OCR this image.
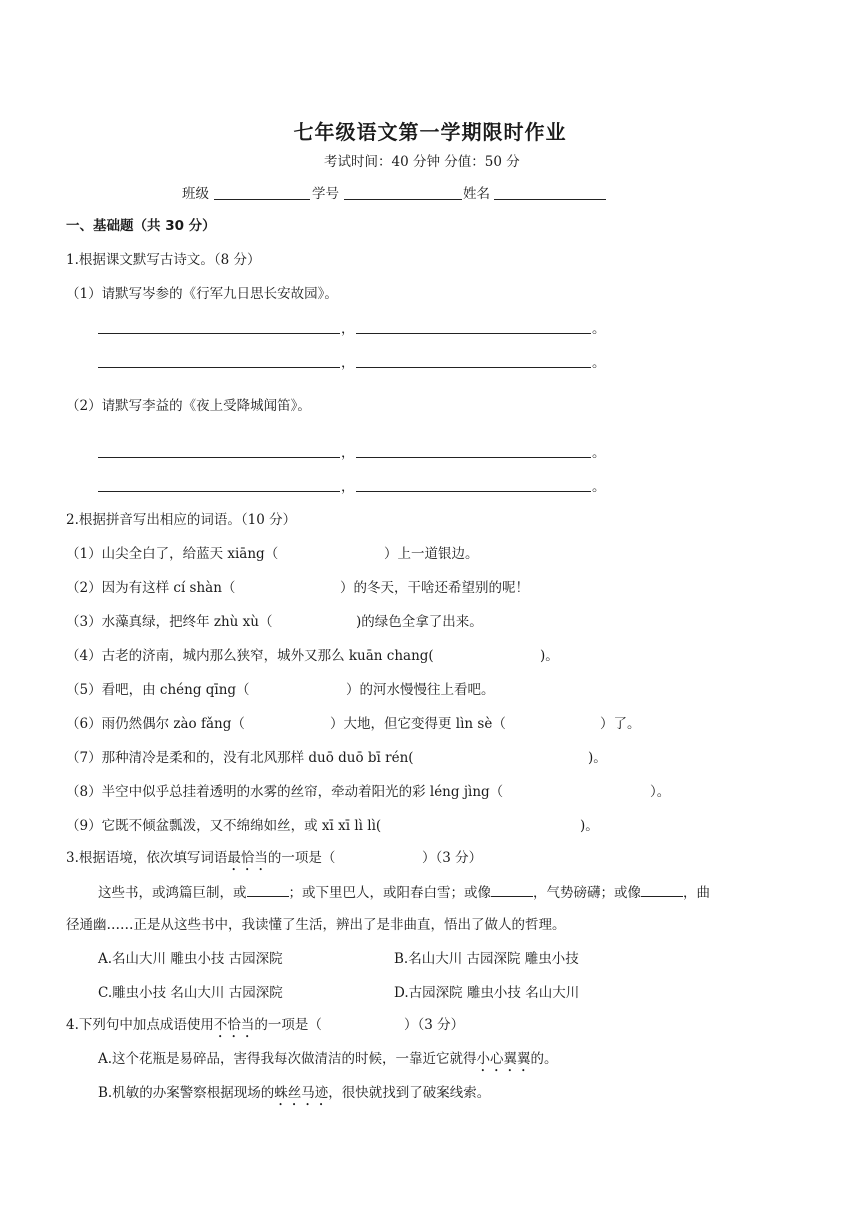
七年级语文第一学期限时作业
考试时间：40 分钟 分值：50 分
班级	学号	姓名
一、基础题（共 30 分）
1.根据课文默写古诗文。（8 分）
（1）请默写岑参的《行军九日思长安故园》。
，	。
，	。
（2）请默写李益的《夜上受降城闻笛》。
，	。
，	。
2.根据拼音写出相应的词语。（10 分）
（1）山尖全白了，给蓝天 xiāng（	）上一道银边。
（2）因为有这样 cí shàn（	）的冬天，干啥还希望别的呢！
（3）水藻真绿，把终年 zhù xù（	)的绿色全拿了出来。
（4）古老的济南，城内那么狭窄，城外又那么 kuān chang(	)。
（5）看吧，由 chéng qīng（	）的河水慢慢往上看吧。
（6）雨仍然偶尔 zào fǎng（	）大地，但它变得更 lìn sè（	）了。
（7）那种清冷是柔和的，没有北风那样 duō duō bī rén(	)。
（8）半空中似乎总挂着透明的水雾的丝帘，牵动着阳光的彩 léng jìng（	）。
（9）它既不倾盆瓢泼，又不绵绵如丝，或 xī xī lì lì(	)。
3.根据语境，依次填写词语最恰当的一项是（	）（3 分）
这些书，或鸿篇巨制，或	；或下里巴人，或阳春白雪；或像	，气势磅礴；或像	，曲
径通幽……正是从这些书中，我读懂了生活，辨出了是非曲直，悟出了做人的哲理。
A.名山大川 雕虫小技 古园深院	B.名山大川 古园深院 雕虫小技
C.雕虫小技 名山大川 古园深院	D.古园深院 雕虫小技 名山大川
4.下列句中加点成语使用不恰当的一项是（	）（3 分）
A.这个花瓶是易碎品，害得我每次做清洁的时候，一靠近它就得小心翼翼的。
B.机敏的办案警察根据现场的蛛丝马迹，很快就找到了破案线索。
